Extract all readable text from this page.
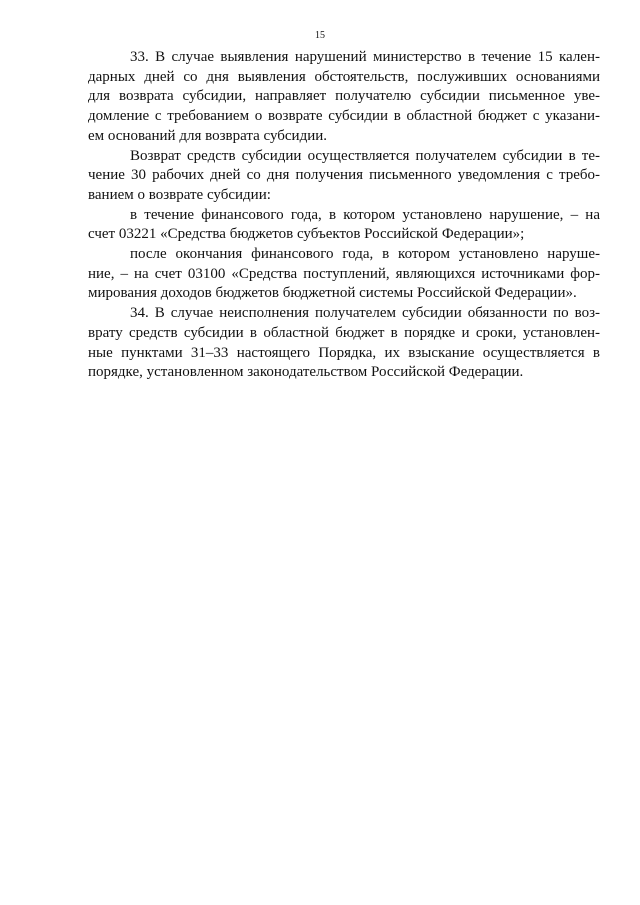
15

33. В случае выявления нарушений министерство в течение 15 кален-
дарных дней со дня выявления обстоятельств, послуживших основаниями
для возврата субсидии, направляет получателю субсидии письменное уве-
домление с требованием о возврате субсидии в областной бюджет с указани-
ем оснований для возврата субсидии.

Возврат средств субсидии осуществляется получателем субсидии в те-
чение 30 рабочих дней со дня получения письменного уведомления с требо-
ванием о возврате субсидии:

в течение финансового года, в котором установлено нарушение, – на
счет 03221 «Средства бюджетов субъектов Российской Федерации»;

после окончания финансового года, в котором установлено наруше-
ние, – на счет 03100 «Средства поступлений, являющихся источниками фор-
мирования доходов бюджетов бюджетной системы Российской Федерации».

34. В случае неисполнения получателем субсидии обязанности по воз-
врату средств субсидии в областной бюджет в порядке и сроки, установлен-
ные пунктами 31–33 настоящего Порядка, их взыскание осуществляется в
порядке, установленном законодательством Российской Федерации.
